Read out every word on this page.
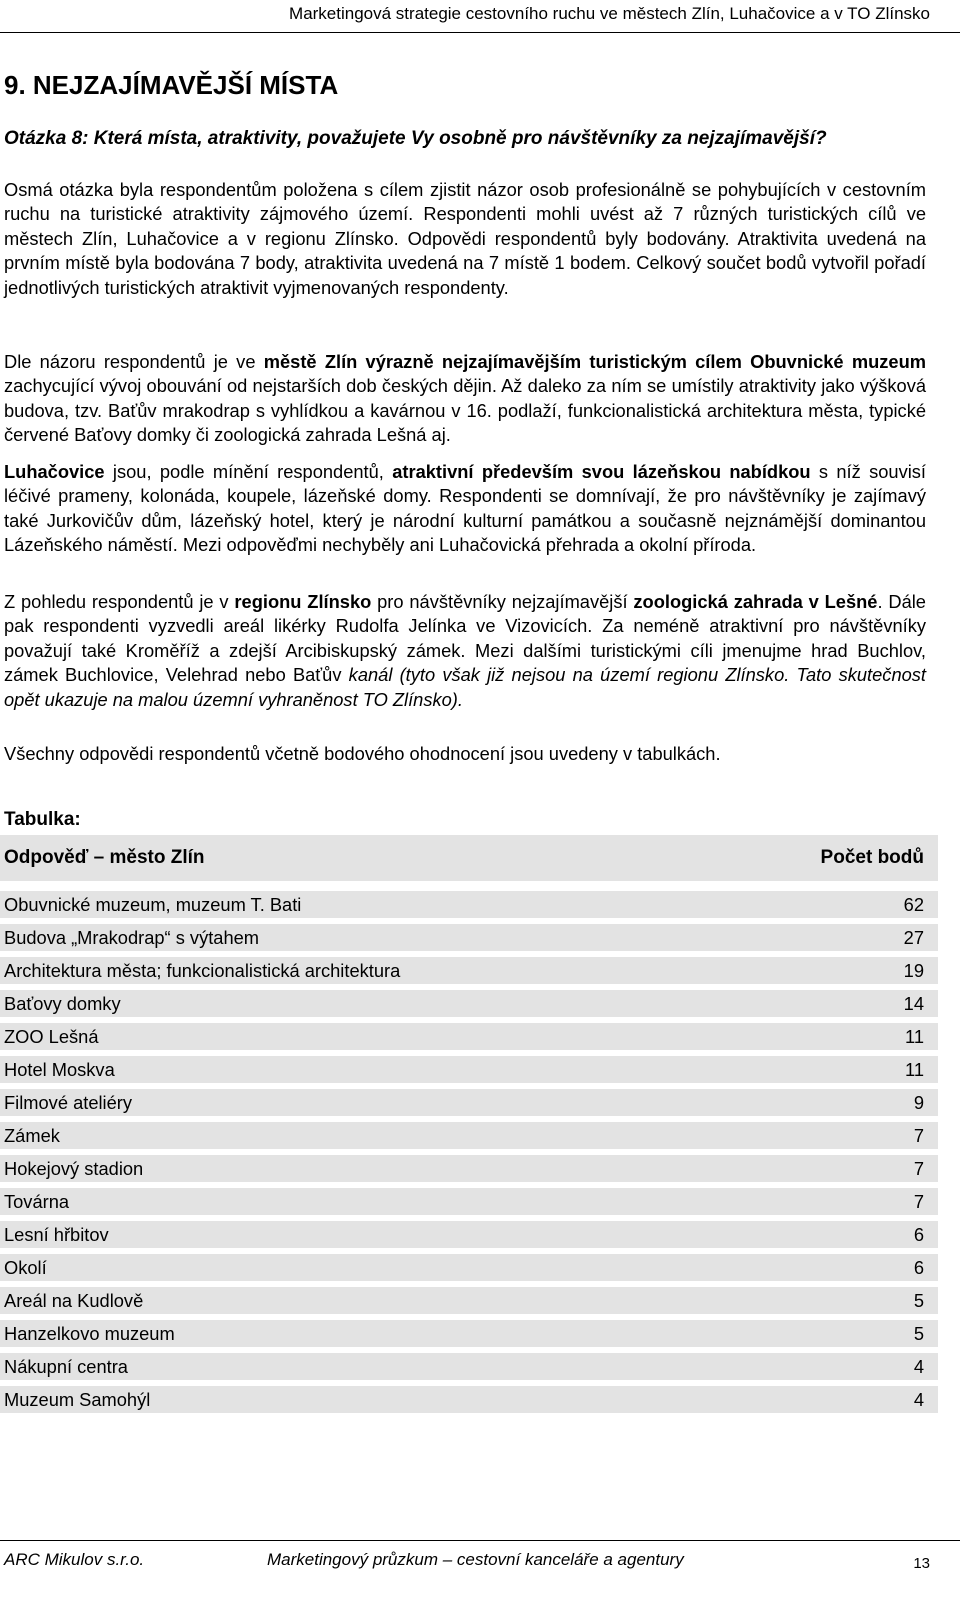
Marketingová strategie cestovního ruchu ve městech Zlín, Luhačovice a v TO Zlínsko
9. NEJZAJÍMAVĚJŠÍ MÍSTA

Otázka 8: Která místa, atraktivity, považujete Vy osobně pro návštěvníky za nejzajímavější?

Osmá otázka byla respondentům položena s cílem zjistit názor osob profesionálně se pohybujících v cestovním ruchu na turistické atraktivity zájmového území. Respondenti mohli uvést až 7 různých turistických cílů ve městech Zlín, Luhačovice a v regionu Zlínsko. Odpovědi respondentů byly bodovány. Atraktivita uvedená na prvním místě byla bodována 7 body, atraktivita uvedená na 7 místě 1 bodem. Celkový součet bodů vytvořil pořadí jednotlivých turistických atraktivit vyjmenovaných respondenty.

Dle názoru respondentů je ve městě Zlín výrazně nejzajímavějším turistickým cílem Obuvnické muzeum zachycující vývoj obouvání od nejstarších dob českých dějin. Až daleko za ním se umístily atraktivity jako výšková budova, tzv. Baťův mrakodrap s vyhlídkou a kavárnou v 16. podlaží, funkcionalistická architektura města, typické červené Baťovy domky či zoologická zahrada Lešná aj.

Luhačovice jsou, podle mínění respondentů, atraktivní především svou lázeňskou nabídkou s níž souvisí léčivé prameny, kolonáda, koupele, lázeňské domy. Respondenti se domnívají, že pro návštěvníky je zajímavý také Jurkovičův dům, lázeňský hotel, který je národní kulturní památkou a současně nejznámější dominantou Lázeňského náměstí. Mezi odpověďmi nechyběly ani Luhačovická přehrada a okolní příroda.

Z pohledu respondentů je v regionu Zlínsko pro návštěvníky nejzajímavější zoologická zahrada v Lešné. Dále pak respondenti vyzvedli areál likérky Rudolfa Jelínka ve Vizovicích. Za neméně atraktivní pro návštěvníky považují také Kroměříž a zdejší Arcibiskupský zámek. Mezi dalšími turistickými cíli jmenujme hrad Buchlov, zámek Buchlovice, Velehrad nebo Baťův kanál (tyto však již nejsou na území regionu Zlínsko. Tato skutečnost opět ukazuje na malou územní vyhraněnost TO Zlínsko).

Všechny odpovědi respondentů včetně bodového ohodnocení jsou uvedeny v tabulkách.

Tabulka:

Odpověď – město Zlín	Počet bodů
Obuvnické muzeum, muzeum T. Bati	62
Budova „Mrakodrap“ s výtahem	27
Architektura města; funkcionalistická architektura	19
Baťovy domky	14
ZOO Lešná	11
Hotel Moskva	11
Filmové ateliéry	9
Zámek	7
Hokejový stadion	7
Továrna	7
Lesní hřbitov	6
Okolí	6
Areál na Kudlově	5
Hanzelkovo muzeum	5
Nákupní centra	4
Muzeum Samohýl	4
ARC Mikulov s.r.o.	Marketingový průzkum – cestovní kanceláře a agentury	13
